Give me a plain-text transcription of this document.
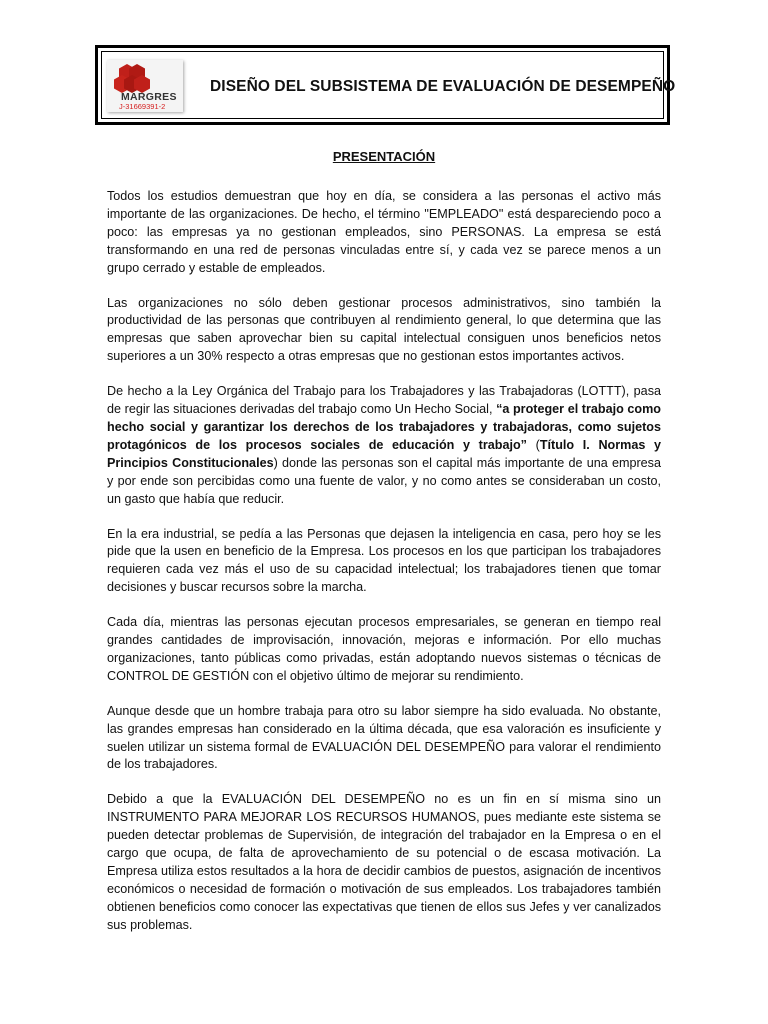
MARGRES
J-31669391-2
DISEÑO DEL SUBSISTEMA DE EVALUACIÓN DE DESEMPEÑO
PRESENTACIÓN

Todos los estudios demuestran que hoy en día, se considera a las personas el activo más importante de las organizaciones. De hecho, el término "EMPLEADO" está despareciendo poco a poco: las empresas ya no gestionan empleados, sino PERSONAS. La empresa se está transformando en una red de personas vinculadas entre sí, y cada vez se parece menos a un grupo cerrado y estable de empleados.

Las organizaciones no sólo deben gestionar procesos administrativos, sino también la productividad de las personas que contribuyen al rendimiento general, lo que determina que las empresas que saben aprovechar bien su capital intelectual consiguen unos beneficios netos superiores a un 30% respecto a otras empresas que no gestionan estos importantes activos.

De hecho a la Ley Orgánica del Trabajo para los Trabajadores y las Trabajadoras (LOTTT), pasa de regir las situaciones derivadas del trabajo como Un Hecho Social, “a proteger el trabajo como hecho social y garantizar los derechos de los trabajadores y trabajadoras, como sujetos protagónicos de los procesos sociales de educación y trabajo” (Título I. Normas y Principios Constitucionales) donde las personas son el capital más importante de una empresa y por ende son percibidas como una fuente de valor, y no como antes se consideraban un costo, un gasto que había que reducir.

En la era industrial, se pedía a las Personas que dejasen la inteligencia en casa, pero hoy se les pide que la usen en beneficio de la Empresa. Los procesos en los que participan los trabajadores requieren cada vez más el uso de su capacidad intelectual; los trabajadores tienen que tomar decisiones y buscar recursos sobre la marcha.

Cada día, mientras las personas ejecutan procesos empresariales, se generan en tiempo real grandes cantidades de improvisación, innovación, mejoras e información. Por ello muchas organizaciones, tanto públicas como privadas, están adoptando nuevos sistemas o técnicas de CONTROL DE GESTIÓN con el objetivo último de mejorar su rendimiento.

Aunque desde que un hombre trabaja para otro su labor siempre ha sido evaluada. No obstante, las grandes empresas han considerado en la última década, que esa valoración es insuficiente y suelen utilizar un sistema formal de EVALUACIÓN DEL DESEMPEÑO para valorar el rendimiento de los trabajadores.

Debido a que la EVALUACIÓN DEL DESEMPEÑO no es un fin en sí misma sino un INSTRUMENTO PARA MEJORAR LOS RECURSOS HUMANOS, pues mediante este sistema se pueden detectar problemas de Supervisión, de integración del trabajador en la Empresa o en el cargo que ocupa, de falta de aprovechamiento de su potencial o de escasa motivación. La Empresa utiliza estos resultados a la hora de decidir cambios de puestos, asignación de incentivos económicos o necesidad de formación o motivación de sus empleados. Los trabajadores también obtienen beneficios como conocer las expectativas que tienen de ellos sus Jefes y ver canalizados sus problemas.
